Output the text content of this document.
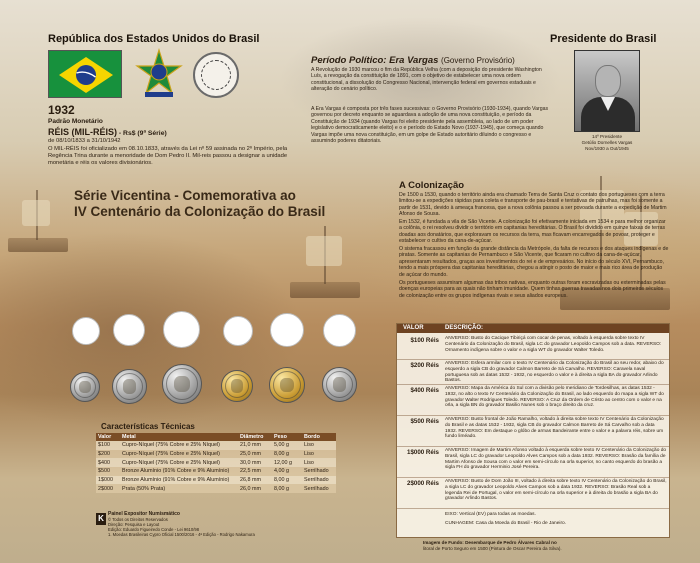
República dos Estados Unidos do Brasil	Presidente do Brasil
1932
Padrão Monetário
RÉIS (MIL-RÉIS) - Rs$ (9ª Série)
de 08/10/1833 a 31/10/1942
O MIL-RÉIS foi oficializado em 08.10.1833, através da Lei nº 59 assinada no 2º Império, pela Regência Trina durante a menoridade de Dom Pedro II. Mil-reis passou a designar a unidade monetária e réis os valores divisionários.
Período Político: Era Vargas (Governo Provisório)
A Revolução de 1930 marcou o fim da República Velha (com a deposição do presidente Washington Luís, a revogação da constituição de 1891, com o objetivo de estabelecer uma nova ordem constitucional, a dissolução do Congresso Nacional, intervenção federal em governos estaduais e alteração do cenário político.
A Era Vargas é composta por três fases sucessivas: o Governo Provisório (1930-1934), quando Vargas governou por decreto enquanto se aguardava a adoção de uma nova constituição, e período da Constituição de 1934 (quando Vargas foi eleito presidente pela assembleia, ao lado de um poder legislativo democraticamente eleito) e o e período do Estado Novo (1937-1945), que começa quando Vargas impõe uma nova constituição, em um golpe de Estado autoritário diluindo o congresso e assumindo poderes ditatoriais.
14º Presidente
Getúlio Dornelles Vargas
Nov/1930 a Out/1945
Série Vicentina - Comemorativa ao
IV Centenário da Colonização do Brasil
A Colonização
De 1500 a 1530, quando o território ainda era chamado Terra de Santa Cruz o contato dos portugueses com a terra limitou-se a expedições rápidas para coleta e transporte de pau-brasil e tentativas de patrulhas, mas foi somente a partir de 1531, devido à ameaça francesa, que a nova colônia passou a ser povoada durante a expedição de Martim Afonso de Sousa.
Em 1532, é fundada a vila de São Vicente. A colonização foi efetivamente iniciada em 1534 e para melhor organizar a colônia, o rei resolveu dividir o território em capitanias hereditárias. O Brasil foi dividido em quinze faixas de terras doadas aos donatários, que exploravam os recursos da terra, mas ficavam encarregados de povoar, proteger e estabelecer o cultivo da cana-de-açúcar.
O sistema fracassou em função da grande distância da Metrópole, da falta de recursos e dos ataques indígenas e de piratas. Somente as capitanias de Pernambuco e São Vicente, que ficaram no cultivo da cana-de-açúcar, apresentaram resultados, graças aos investimentos do rei e de empresários. No início do século XVI, Pernambuco, tendo a mais próspera das capitanias hereditárias, chegou a atingir o posto de maior e mais rico área de produção de açúcar do mundo.
Os portugueses assumiram algumas das tribos nativas, enquanto outras foram escravizadas ou exterminadas pelas doenças europeias para as quais não tinham imunidade. Quem tinhas guerras travadas nos dois primeiros séculos de colonização entre os grupos indígenas rivais e seus aliados europeus.
Características Técnicas
Valor	Metal	Diâmetro	Peso	Bordo
$100	Cupro-Níquel (75% Cobre e 25% Níquel)	21,0 mm	5,00 g	Liso
$200	Cupro-Níquel (75% Cobre e 25% Níquel)	25,0 mm	8,00 g	Liso
$400	Cupro-Níquel (75% Cobre e 25% Níquel)	30,0 mm	12,00 g	Liso
$500	Bronze Alumínio (91% Cobre e 9% Alumínio)	22,5 mm	4,00 g	Serrilhado
1$000	Bronze Alumínio (91% Cobre e 9% Alumínio)	26,8 mm	8,00 g	Serrilhado
2$000	Prata (50% Prata)	26,0 mm	8,00 g	Serrilhado
VALOR	DESCRIÇÃO:
$100 Réis ANVERSO: Busto do Cacique Tibiriçá com cocar de penas, voltado à esquerda sobre texto IV Centenário da Colonização do Brasil, sigla LC do gravador Leopoldo Campos sob a data. REVERSO: Ornamento indígena sobre o valor e a sigla WT do gravador Walter Toledo.
$200 Réis ANVERSO: Esfera armilar com o texto IV Centenário da Colonização do Brasil ao seu redor, abaixo do esquerdo a sigla CB do gravador Calmon Barreto de Sá Carvalho. REVERSO: Caravela naval portuguesa sob as datas 1532 - 1932, no esquerdo o valor e à direita a sigla BA do gravador Arlindo Bastos.
$400 Réis ANVERSO: Mapa da América do Sul com a divisão pelo meridiano de Tordesilhas, as datas 1532 - 1932, no alto o texto IV Centenário da Colonização do Brasil, ao lado esquerdo do mapa a sigla WT do gravador Walter Rodrigues Toledo. REVERSO: A Cruz da Ordem de Cristo ao centro com o valor e na orla, a sigla BN do gravador Basilio Nunes sob o braço direito da cruz.
$500 Réis ANVERSO: Busto frontal de João Ramalho, voltado à direita sobre texto IV Centenário da Colonização do Brasil e as datas 1532 - 1932, sigla CB do gravador Calmon Barreto de Sá Carvalho sob a data 1932. REVERSO: Em destaque o glóbo de armas Bandeirante entre o valor e a palavra réis, sobre um fundo liméado.
1$000 Réis ANVERSO: Imagem de Martim Afonso voltado à esquerda sobre texto IV Centenário da Colonização do Brasil, sigla LC do gravador Leopoldo Alves Campos sob a data 1932. REVERSO: Brasão da família de Martim Afonso de Sousa com o valor em semi-círculo na orla superior, no canto esquerdo do brasão a sigla FH do gravador Herminio José Pereira.
2$000 Réis ANVERSO: Busto de Dom João III, voltado à direita sobre texto IV Centenário da Colonização do Brasil, a sigla LC do gravador Leopoldo Alves Campos sob a data 1932. REVERSO: Brasão Real sob a legenda Rei de Portugal, o valor em semi-círculo na orla superior e à direita do brasão a sigla BA do gravador Arlindo Bastos.
EIXO: Vertical (EV) para todas as moedas.
CUNHAGEM: Casa da Moeda do Brasil - Rio de Janeiro.
K Painel Expositor Numismático
© Todos os Direitos Reservados
Direção: Pesquisa e Layout
Edição: Eduardo Figueiredo Conde - Lei 9610/98
1. Moedas Brasileiras Cypro Oficial 1500/2016 - 4ª Edição - Rodrigo Nakamura
Imagem de Fundo: Desembarque de Pedro Álvares Cabral no
litoral de Porto Seguro em 1500 (Pintura de Oscar Pereira da Silva).
